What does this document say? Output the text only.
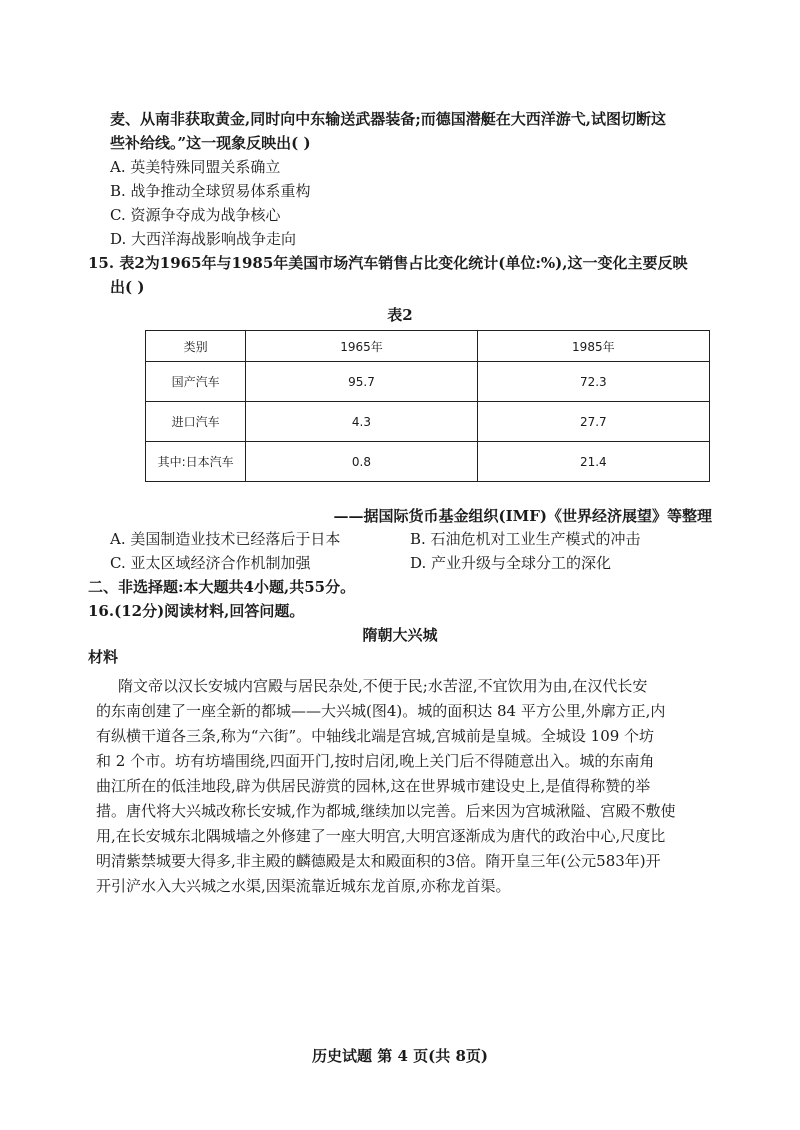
麦、从南非获取黄金,同时向中东输送武器装备;而德国潜艇在大西洋游弋,试图切断这
些补给线。”这一现象反映出( )
A. 英美特殊同盟关系确立
B. 战争推动全球贸易体系重构
C. 资源争夺成为战争核心
D. 大西洋海战影响战争走向
15. 表2为1965年与1985年美国市场汽车销售占比变化统计(单位:%),这一变化主要反映
出( )
表2
类别	1965年	1985年
国产汽车	95.7	72.3
进口汽车	4.3	27.7
其中:日本汽车	0.8	21.4
——据国际货币基金组织(IMF)《世界经济展望》等整理
A. 美国制造业技术已经落后于日本	B. 石油危机对工业生产模式的冲击
C. 亚太区域经济合作机制加强	D. 产业升级与全球分工的深化
二、非选择题:本大题共4小题,共55分。
16.(12分)阅读材料,回答问题。
隋朝大兴城
材料
隋文帝以汉长安城内宫殿与居民杂处,不便于民;水苦涩,不宜饮用为由,在汉代长安
的东南创建了一座全新的都城——大兴城(图4)。城的面积达 84 平方公里,外廓方正,内
有纵横干道各三条,称为“六街”。中轴线北端是宫城,宫城前是皇城。全城设 109 个坊
和 2 个市。坊有坊墙围绕,四面开门,按时启闭,晚上关门后不得随意出入。城的东南角
曲江所在的低洼地段,辟为供居民游赏的园林,这在世界城市建设史上,是值得称赞的举
措。唐代将大兴城改称长安城,作为都城,继续加以完善。后来因为宫城湫隘、宫殿不敷使
用,在长安城东北隅城墙之外修建了一座大明宫,大明宫逐渐成为唐代的政治中心,尺度比
明清紫禁城要大得多,非主殿的麟德殿是太和殿面积的3倍。隋开皇三年(公元583年)开
开引浐水入大兴城之水渠,因渠流靠近城东龙首原,亦称龙首渠。
历史试题 第 4 页(共 8页)
